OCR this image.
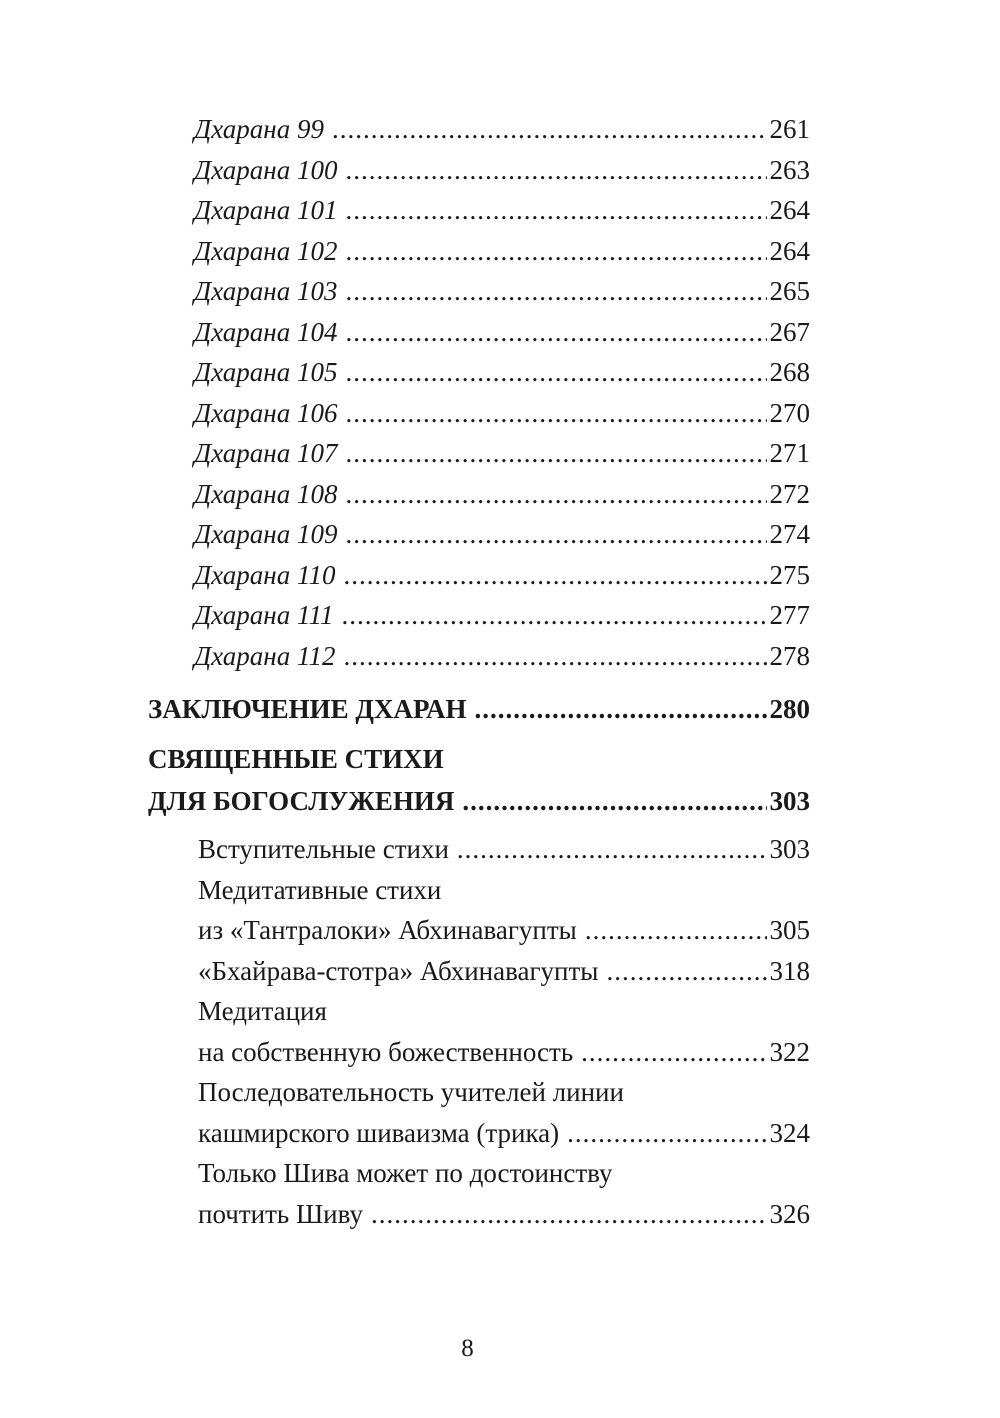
Дхарана 99 .....	261
Дхарана 100 .....	263
Дхарана 101 .....	264
Дхарана 102 .....	264
Дхарана 103 .....	265
Дхарана 104 .....	267
Дхарана 105 .....	268
Дхарана 106 .....	270
Дхарана 107 .....	271
Дхарана 108 .....	272
Дхарана 109 .....	274
Дхарана 110 .....	275
Дхарана 111 .....	277
Дхарана 112 .....	278
ЗАКЛЮЧЕНИЕ ДХАРАН .....	280
СВЯЩЕННЫЕ СТИХИ
ДЛЯ БОГОСЛУЖЕНИЯ .....	303
Вступительные стихи .....	303
Медитативные стихи
из «Тантралоки» Абхинавагупты .....	305
«Бхайрава-стотра» Абхинавагупты .....	318
Медитация
на собственную божественность .....	322
Последовательность учителей линии
кашмирского шиваизма (трика) .....	324
Только Шива может по достоинству
почтить Шиву .....	326
8
